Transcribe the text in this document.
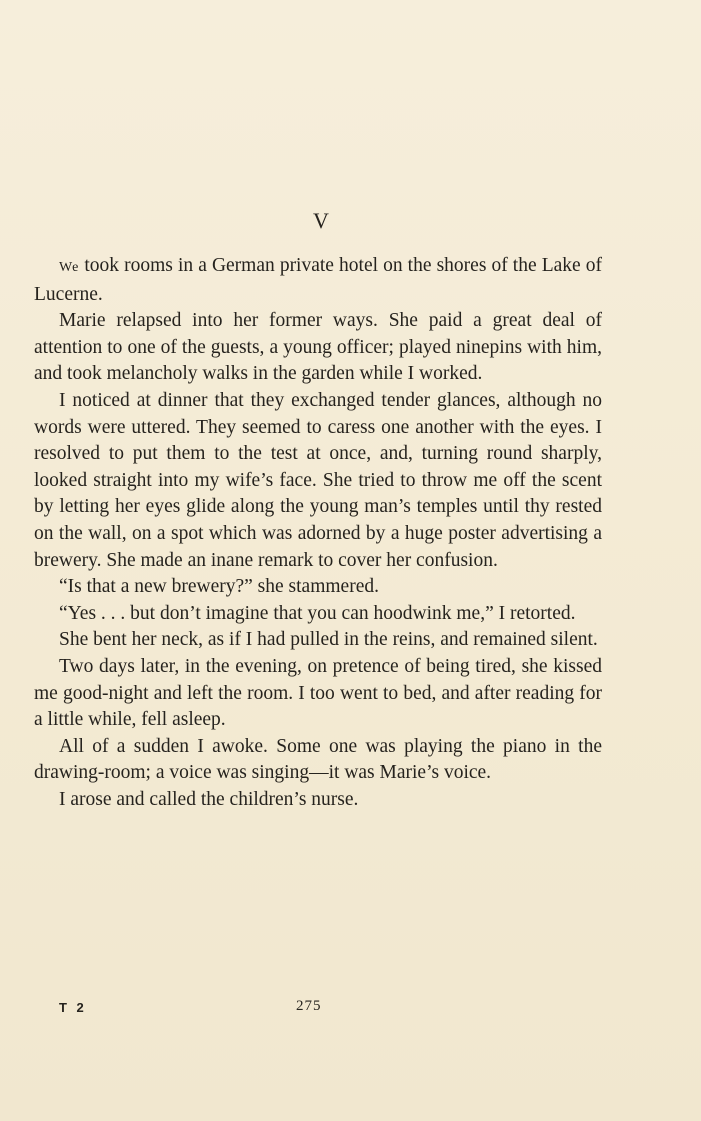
V

We took rooms in a German private hotel on the shores of the Lake of Lucerne.

Marie relapsed into her former ways. She paid a great deal of attention to one of the guests, a young officer; played ninepins with him, and took melancholy walks in the garden while I worked.

I noticed at dinner that they exchanged tender glances, although no words were uttered. They seemed to caress one another with the eyes. I resolved to put them to the test at once, and, turning round sharply, looked straight into my wife’s face. She tried to throw me off the scent by letting her eyes glide along the young man’s temples until thy rested on the wall, on a spot which was adorned by a huge poster advertising a brewery. She made an inane remark to cover her confusion.

“Is that a new brewery?” she stammered.

“Yes . . . but don’t imagine that you can hoodwink me,” I retorted.

She bent her neck, as if I had pulled in the reins, and remained silent.

Two days later, in the evening, on pretence of being tired, she kissed me good-night and left the room. I too went to bed, and after reading for a little while, fell asleep.

All of a sudden I awoke. Some one was playing the piano in the drawing-room; a voice was singing—it was Marie’s voice.

I arose and called the children’s nurse.

T 2	275
